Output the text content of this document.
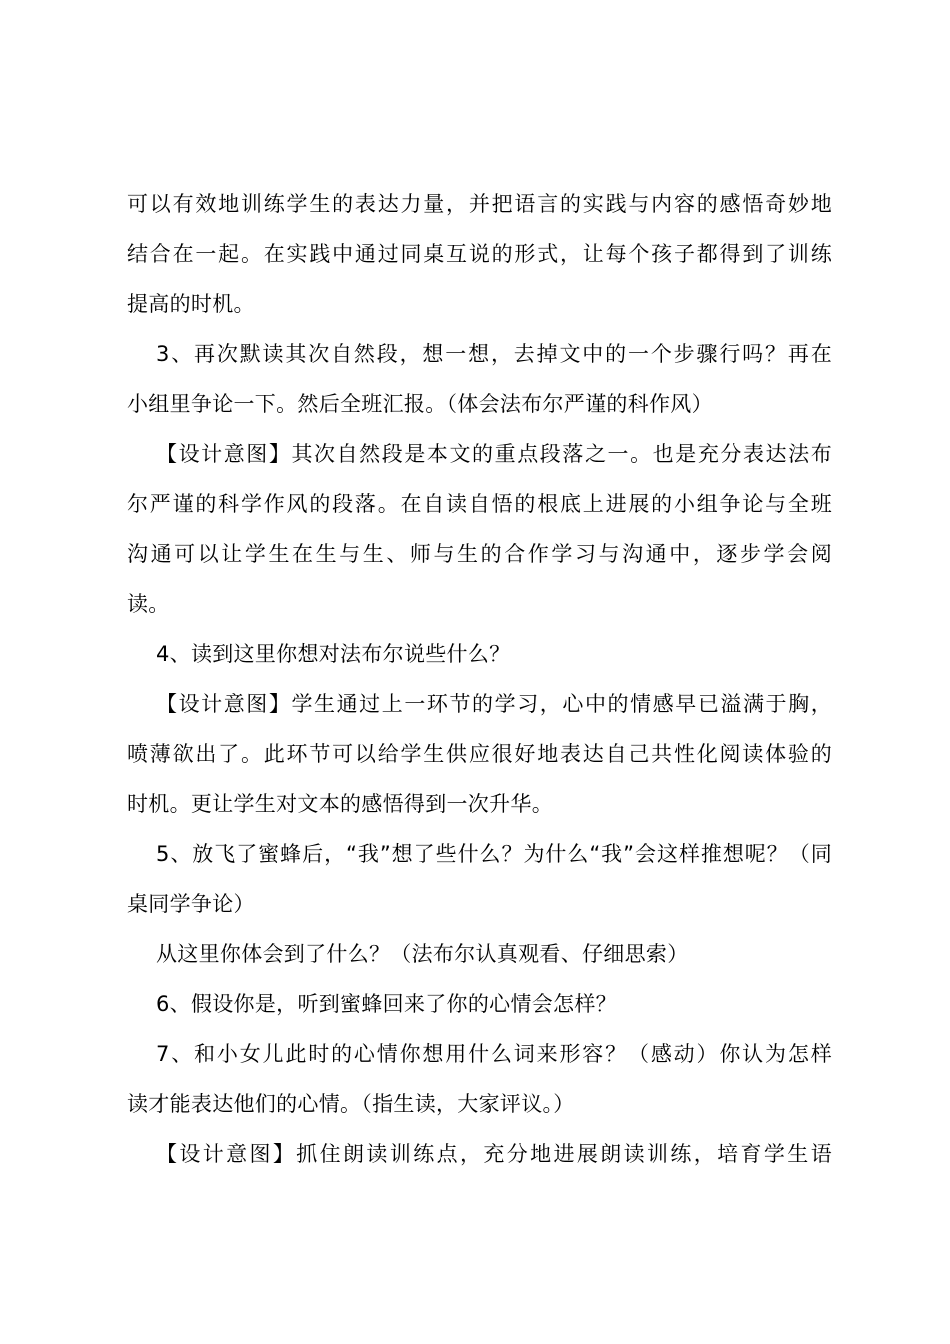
可以有效地训练学生的表达力量，并把语言的实践与内容的感悟奇妙地
结合在一起。在实践中通过同桌互说的形式，让每个孩子都得到了训练
提高的时机。
3、再次默读其次自然段，想一想，去掉文中的一个步骤行吗？再在
小组里争论一下。然后全班汇报。（体会法布尔严谨的科作风）
【设计意图】其次自然段是本文的重点段落之一。也是充分表达法布
尔严谨的科学作风的段落。在自读自悟的根底上进展的小组争论与全班
沟通可以让学生在生与生、师与生的合作学习与沟通中，逐步学会阅
读。
4、读到这里你想对法布尔说些什么？
【设计意图】学生通过上一环节的学习，心中的情感早已溢满于胸，
喷薄欲出了。此环节可以给学生供应很好地表达自己共性化阅读体验的
时机。更让学生对文本的感悟得到一次升华。
5、放飞了蜜蜂后，“我”想了些什么？为什么“我”会这样推想呢？（同
桌同学争论）
从这里你体会到了什么？（法布尔认真观看、仔细思索）
6、假设你是，听到蜜蜂回来了你的心情会怎样？
7、和小女儿此时的心情你想用什么词来形容？（感动）你认为怎样
读才能表达他们的心情。（指生读，大家评议。）
【设计意图】抓住朗读训练点，充分地进展朗读训练，培育学生语
